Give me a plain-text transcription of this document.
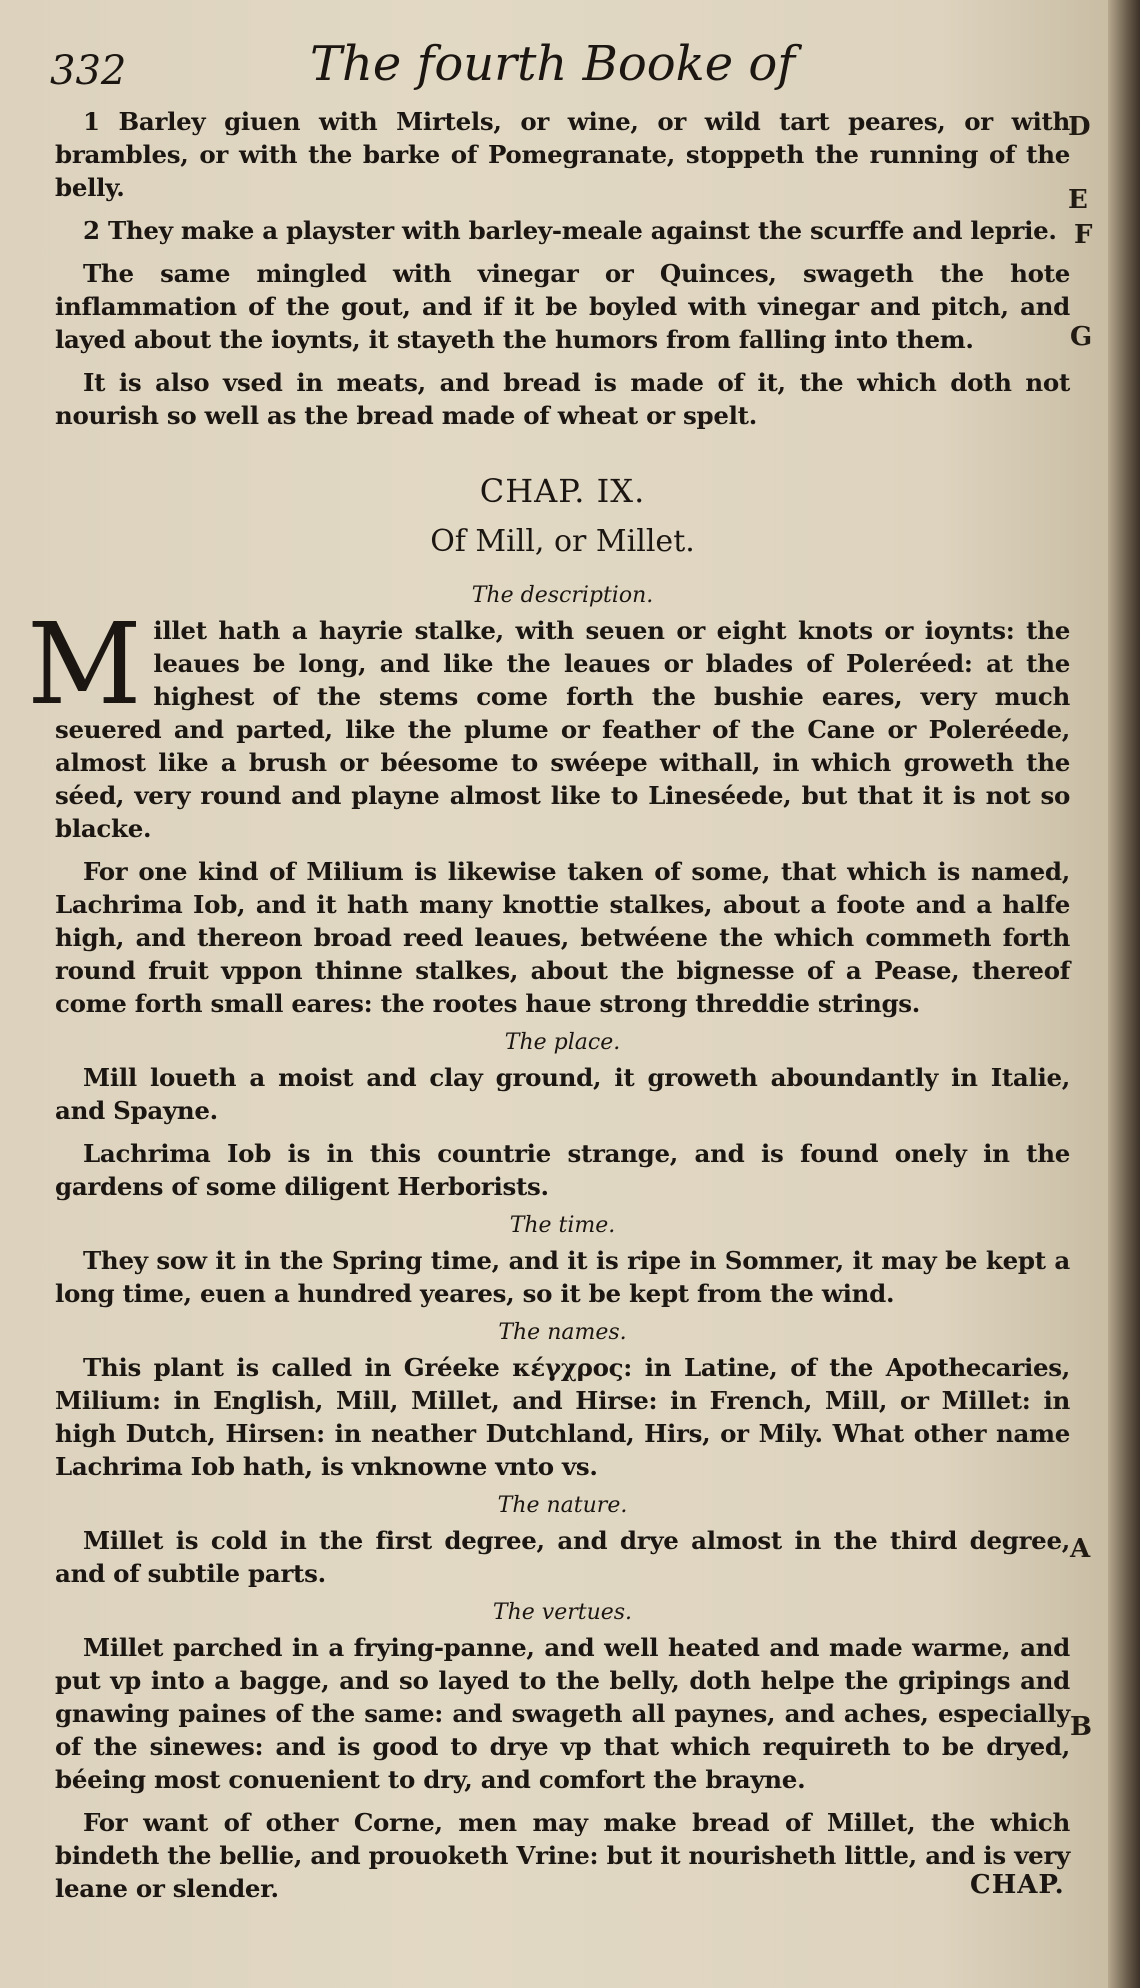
332	The fourth Booke of
D
E
F
G
A
B

1 Barley giuen with Mirtels, or wine, or wild tart peares, or with brambles, or with the barke of Pomegranate, stoppeth the running of the belly.

2 They make a playster with barley-meale against the scurffe and leprie.

The same mingled with vinegar or Quinces, swageth the hote inflammation of the gout, and if it be boyled with vinegar and pitch, and layed about the ioynts, it stayeth the humors from falling into them.

It is also vsed in meats, and bread is made of it, the which doth not nourish so well as the bread made of wheat or spelt.

CHAP. IX.
Of Mill, or Millet.
The description.

Millet hath a hayrie stalke, with seuen or eight knots or ioynts: the leaues be long, and like the leaues or blades of Poleréed: at the highest of the stems come forth the bushie eares, very much seuered and parted, like the plume or feather of the Cane or Poleréede, almost like a brush or béesome to swéepe withall, in which groweth the séed, very round and playne almost like to Lineséede, but that it is not so blacke.

For one kind of Milium is likewise taken of some, that which is named, Lachrima Iob, and it hath many knottie stalkes, about a foote and a halfe high, and thereon broad reed leaues, betwéene the which commeth forth round fruit vppon thinne stalkes, about the bignesse of a Pease, thereof come forth small eares: the rootes haue strong threddie strings.

The place.

Mill loueth a moist and clay ground, it groweth aboundantly in Italie, and Spayne.

Lachrima Iob is in this countrie strange, and is found onely in the gardens of some diligent Herborists.

The time.

They sow it in the Spring time, and it is ripe in Sommer, it may be kept a long time, euen a hundred yeares, so it be kept from the wind.

The names.

This plant is called in Gréeke κέγχρος: in Latine, of the Apothecaries, Milium: in English, Mill, Millet, and Hirse: in French, Mill, or Millet: in high Dutch, Hirsen: in neather Dutchland, Hirs, or Mily. What other name Lachrima Iob hath, is vnknowne vnto vs.

The nature.

Millet is cold in the first degree, and drye almost in the third degree, and of subtile parts.

The vertues.

Millet parched in a frying-panne, and well heated and made warme, and put vp into a bagge, and so layed to the belly, doth helpe the gripings and gnawing paines of the same: and swageth all paynes, and aches, especially of the sinewes: and is good to drye vp that which requireth to be dryed, béeing most conuenient to dry, and comfort the brayne.

For want of other Corne, men may make bread of Millet, the which bindeth the bellie, and prouoketh Vrine: but it nourisheth little, and is very leane or slender.	CHAP.
